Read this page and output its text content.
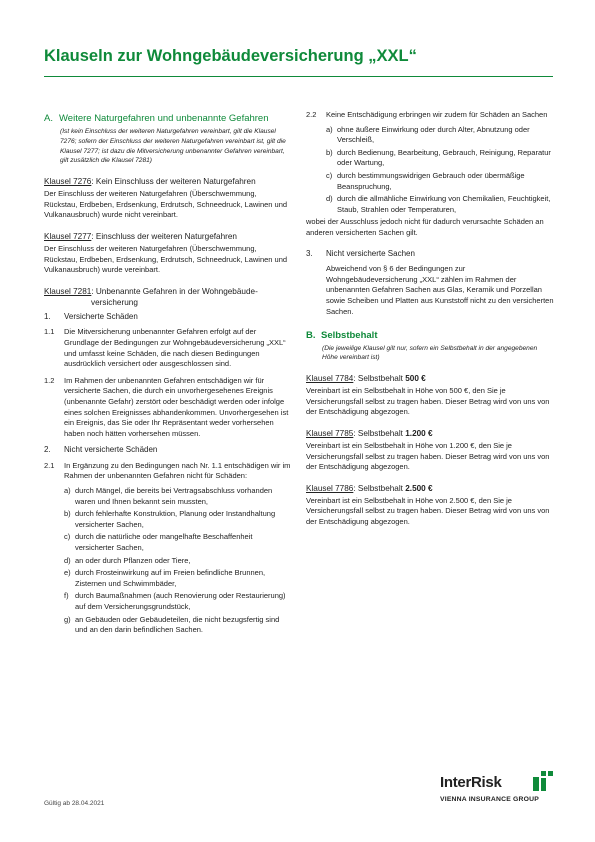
Klauseln zur Wohngebäudeversicherung „XXL“
A. Weitere Naturgefahren und unbenannte Gefahren
(Ist kein Einschluss der weiteren Naturgefahren vereinbart, gilt die Klausel 7276; sofern der Einschluss der weiteren Naturgefahren vereinbart ist, gilt die Klausel 7277; ist dazu die Mitversicherung unbenannter Gefahren vereinbart, gilt zusätzlich die Klausel 7281)
Klausel 7276: Kein Einschluss der weiteren Naturgefahren
Der Einschluss der weiteren Naturgefahren (Überschwemmung, Rückstau, Erdbeben, Erdsenkung, Erdrutsch, Schneedruck, Lawinen und Vulkanausbruch) wurde nicht vereinbart.
Klausel 7277: Einschluss der weiteren Naturgefahren
Der Einschluss der weiteren Naturgefahren (Überschwemmung, Rückstau, Erdbeben, Erdsenkung, Erdrutsch, Schneedruck, Lawinen und Vulkanausbruch) wurde vereinbart.
Klausel 7281: Unbenannte Gefahren in der Wohngebäude-
versicherung
1.	Versicherte Schäden
1.1	Die Mitversicherung unbenannter Gefahren erfolgt auf der Grundlage der Bedingungen zur Wohngebäudeversicherung „XXL“ und umfasst keine Schäden, die nach diesen Bedingungen ausdrücklich versichert oder ausgeschlossen sind.
1.2	Im Rahmen der unbenannten Gefahren entschädigen wir für versicherte Sachen, die durch ein unvorhergesehenes Ereignis (unbenannte Gefahr) zerstört oder beschädigt werden oder infolge eines solchen Ereignisses abhandenkommen. Unvorhergesehen ist ein Ereignis, das Sie oder Ihr Repräsentant weder vorhersehen haben noch hätten vorhersehen müssen.
2.	Nicht versicherte Schäden
2.1	In Ergänzung zu den Bedingungen nach Nr. 1.1 entschädigen wir im Rahmen der unbenannten Gefahren nicht für Schäden:
a) durch Mängel, die bereits bei Vertragsabschluss vorhanden waren und Ihnen bekannt sein mussten,
b) durch fehlerhafte Konstruktion, Planung oder Instandhaltung versicherter Sachen,
c) durch die natürliche oder mangelhafte Beschaffenheit versicherter Sachen,
d) an oder durch Pflanzen oder Tiere,
e) durch Frosteinwirkung auf im Freien befindliche Brunnen, Zisternen und Schwimmbäder,
f) durch Baumaßnahmen (auch Renovierung oder Restaurierung) auf dem Versicherungsgrundstück,
g) an Gebäuden oder Gebäudeteilen, die nicht bezugsfertig sind und an den darin befindlichen Sachen.
2.2	Keine Entschädigung erbringen wir zudem für Schäden an Sachen
a) ohne äußere Einwirkung oder durch Alter, Abnutzung oder Verschleiß,
b) durch Bedienung, Bearbeitung, Gebrauch, Reinigung, Reparatur oder Wartung,
c) durch bestimmungswidrigen Gebrauch oder übermäßige Beanspruchung,
d) durch die allmähliche Einwirkung von Chemikalien, Feuchtigkeit, Staub, Strahlen oder Temperaturen,
wobei der Ausschluss jedoch nicht für dadurch verursachte Schäden an anderen versicherten Sachen gilt.
3.	Nicht versicherte Sachen
Abweichend von § 6 der Bedingungen zur Wohngebäudeversicherung „XXL“ zählen im Rahmen der unbenannten Gefahren Sachen aus Glas, Keramik und Porzellan sowie Scheiben und Platten aus Kunststoff nicht zu den versicherten Sachen.
B. Selbstbehalt
(Die jeweilige Klausel gilt nur, sofern ein Selbstbehalt in der angegebenen Höhe vereinbart ist)
Klausel 7784: Selbstbehalt 500 €
Vereinbart ist ein Selbstbehalt in Höhe von 500 €, den Sie je Versicherungsfall selbst zu tragen haben. Dieser Betrag wird von uns von der Entschädigung abgezogen.
Klausel 7785: Selbstbehalt 1.200 €
Vereinbart ist ein Selbstbehalt in Höhe von 1.200 €, den Sie je Versicherungsfall selbst zu tragen haben. Dieser Betrag wird von uns von der Entschädigung abgezogen.
Klausel 7786: Selbstbehalt 2.500 €
Vereinbart ist ein Selbstbehalt in Höhe von 2.500 €, den Sie je Versicherungsfall selbst zu tragen haben. Dieser Betrag wird von uns von der Entschädigung abgezogen.
Gültig ab 28.04.2021
InterRisk
VIENNA INSURANCE GROUP
